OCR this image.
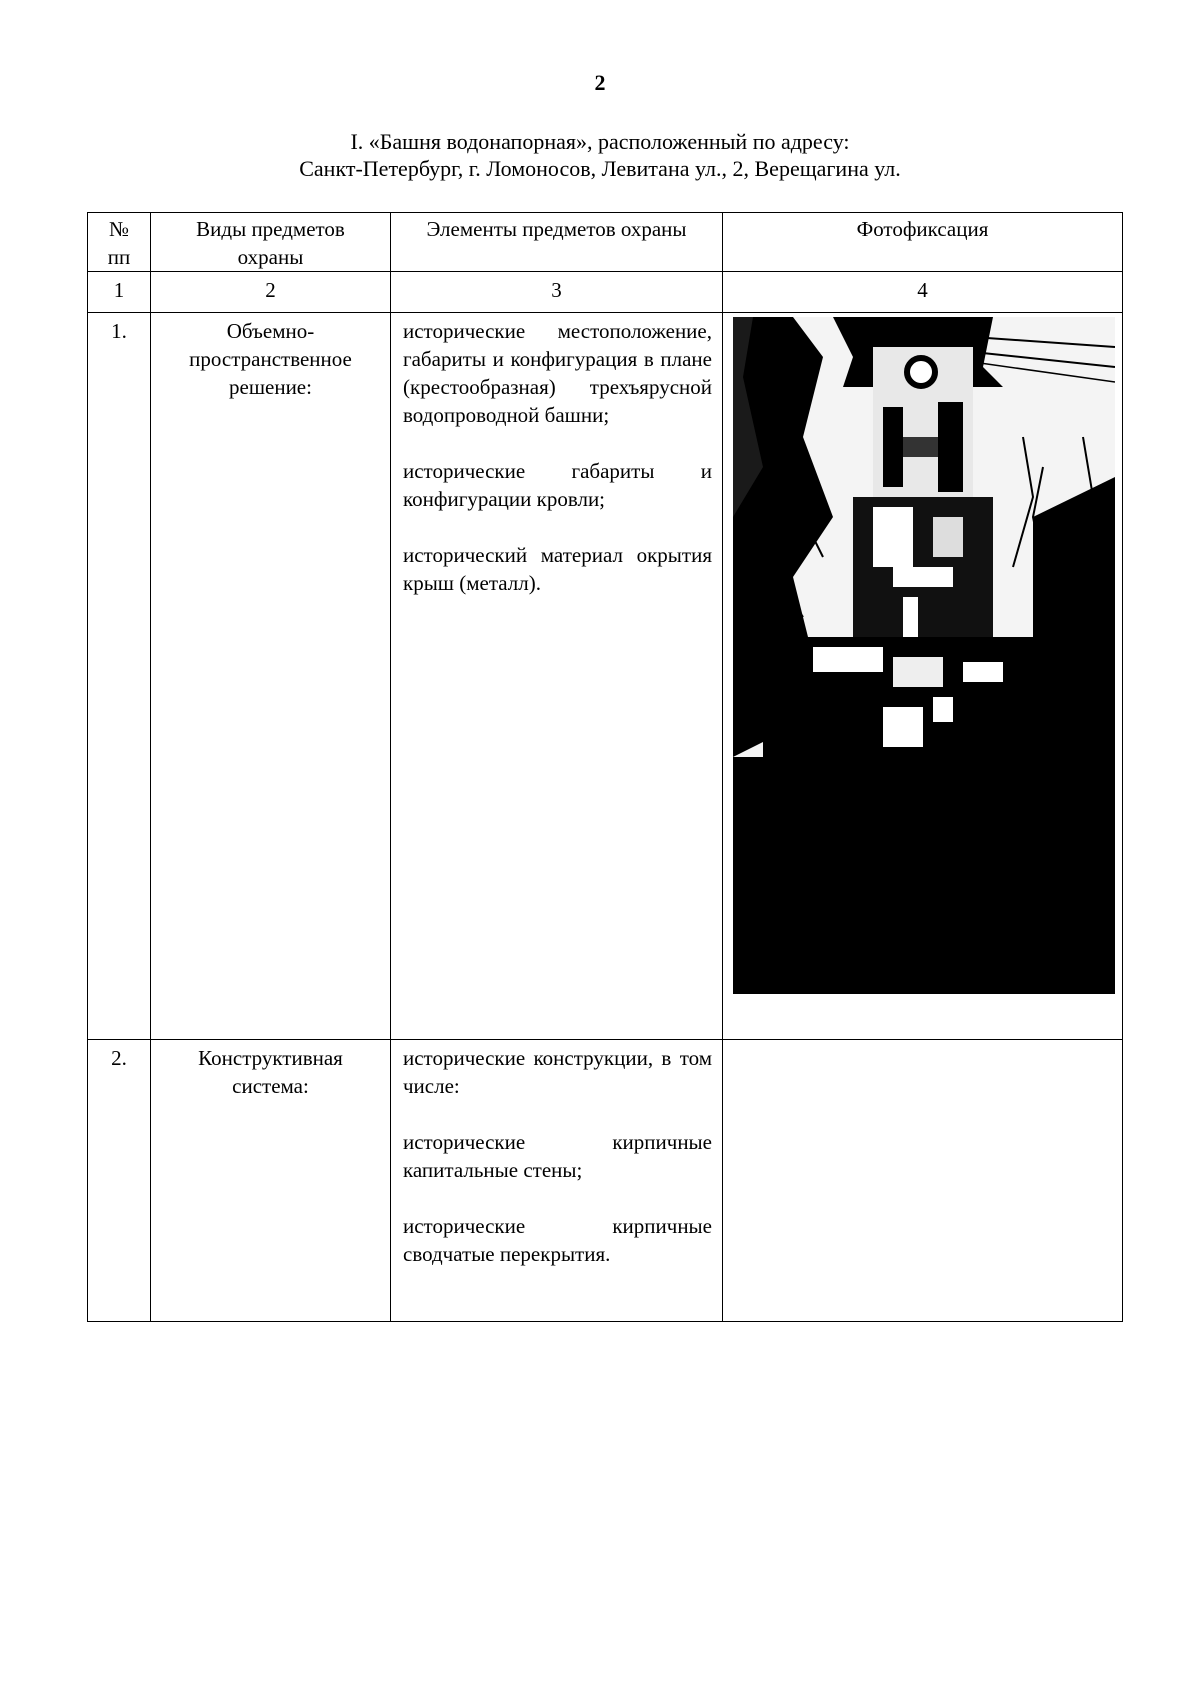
2
I. «Башня водонапорная», расположенный по адресу:
Санкт-Петербург, г. Ломоносов, Левитана ул., 2, Верещагина ул.
№ пп	Виды предметов охраны	Элементы предметов охраны	Фотофиксация

1	2	3	4

1.	Объемно-пространственное решение:	исторические местоположение, габариты и конфигурация в плане (крестообразная) трехъярусной водопроводной башни;

исторические габариты и конфигурации кровли;

исторический материал окрытия крыш (металл).

2.	Конструктивная система:	исторические конструкции, в том числе:

исторические кирпичные капитальные стены;

исторические кирпичные сводчатые перекрытия.	
